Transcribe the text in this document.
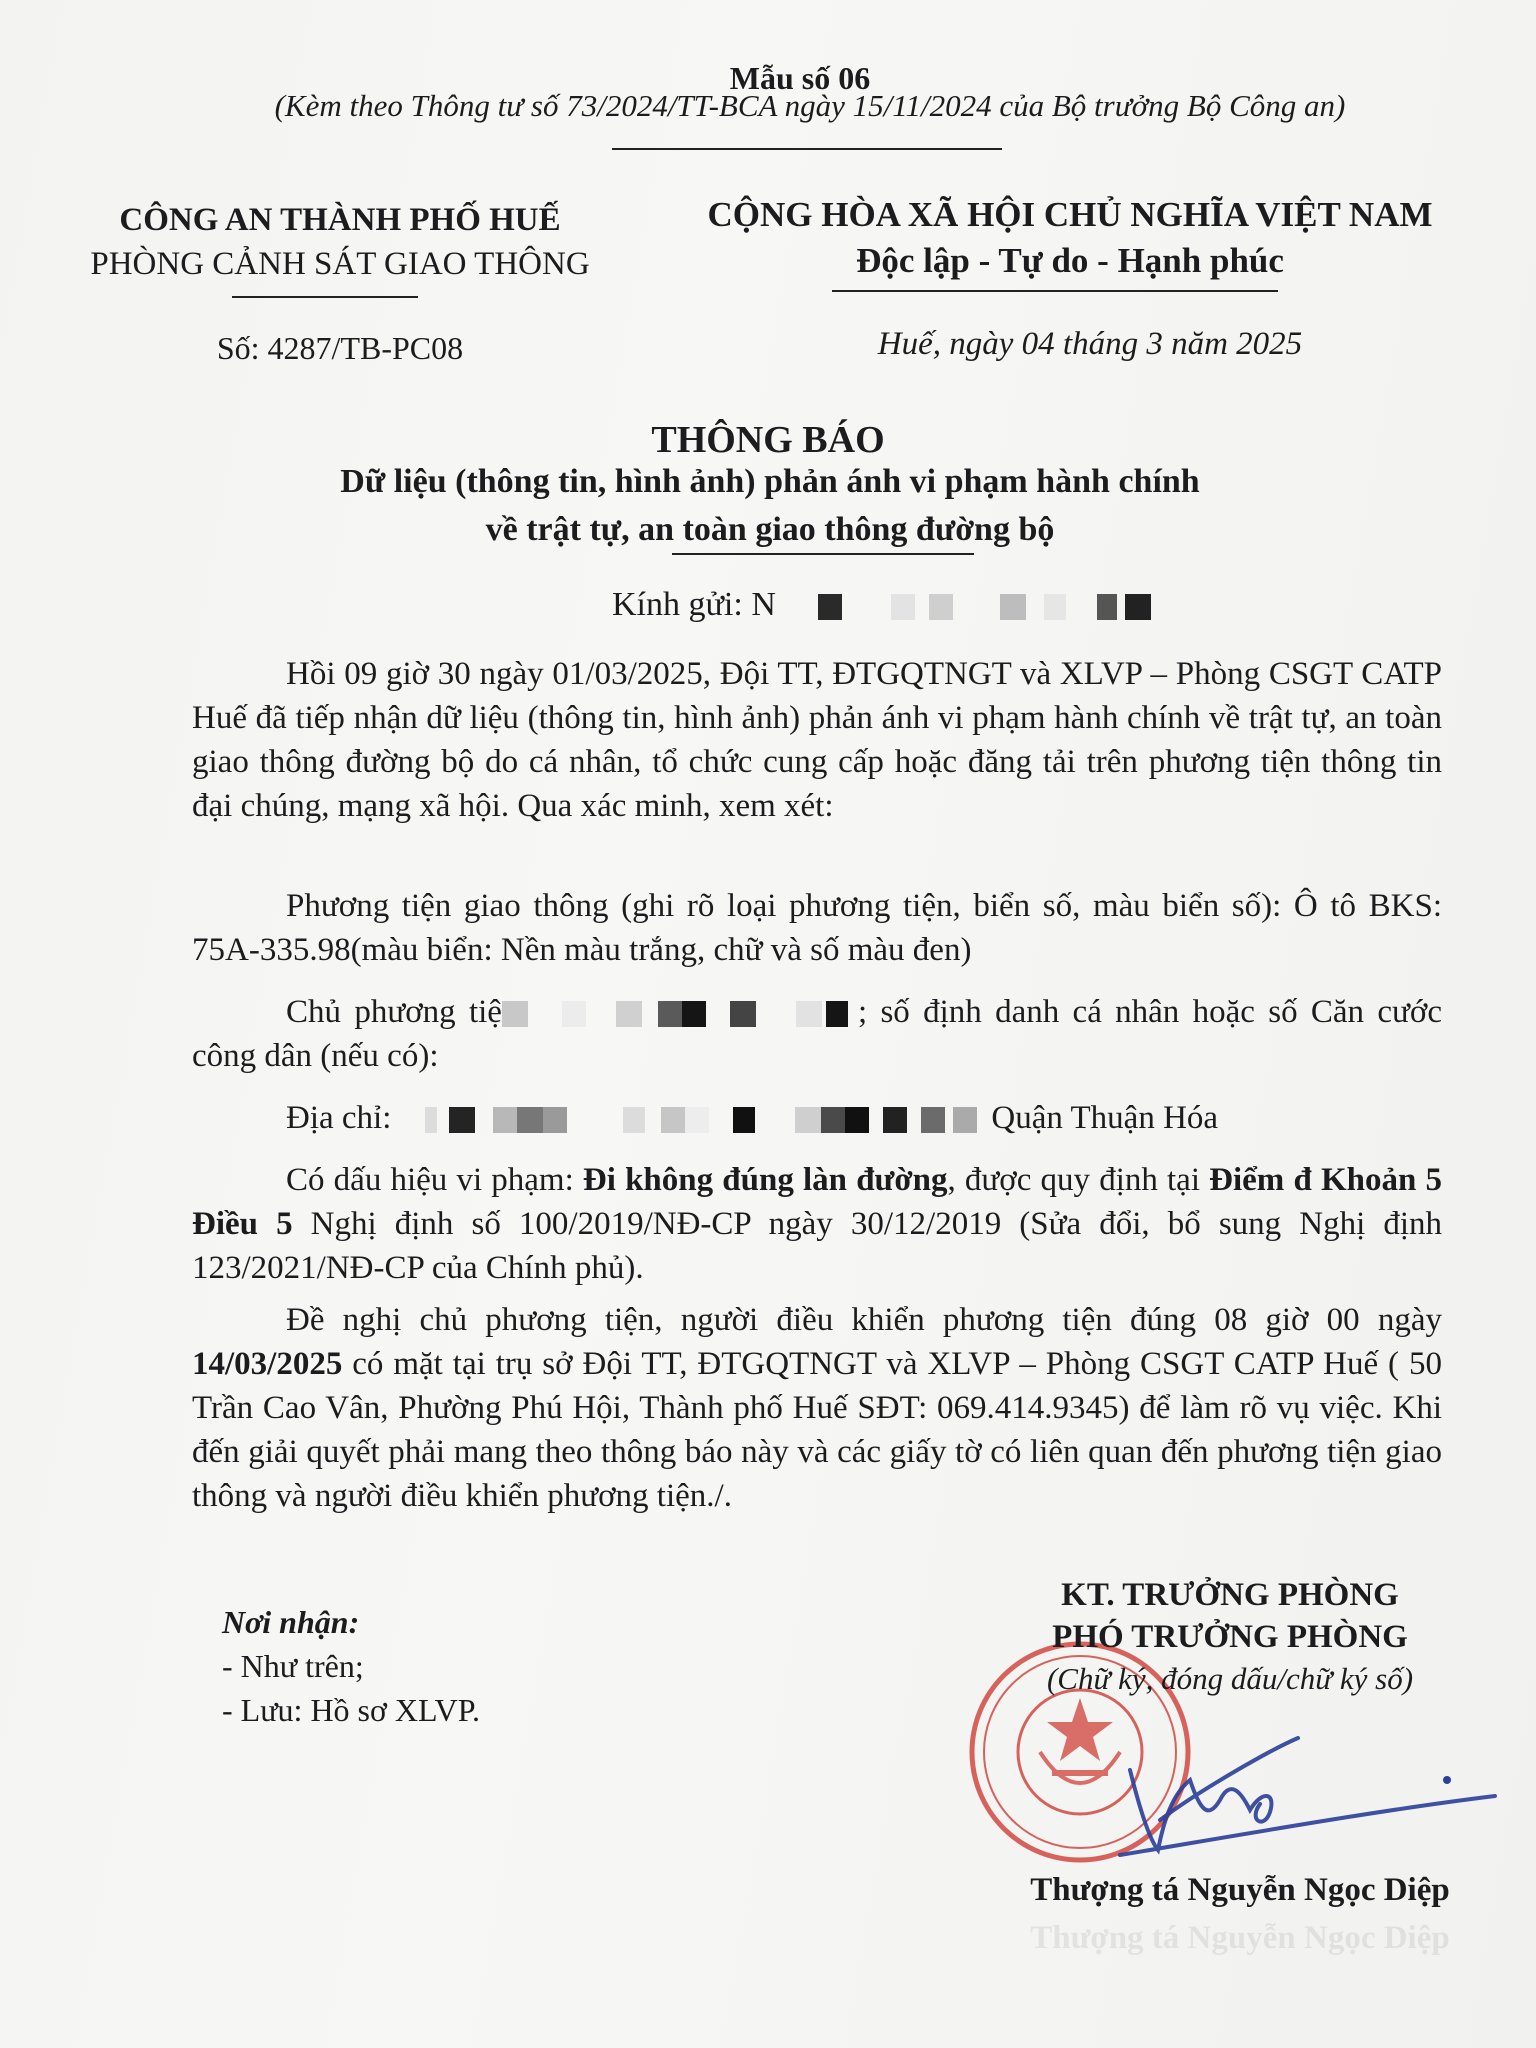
Mẫu số 06
(Kèm theo Thông tư số 73/2024/TT-BCA ngày 15/11/2024 của Bộ trưởng Bộ Công an)
CÔNG AN THÀNH PHỐ HUẾ
PHÒNG CẢNH SÁT GIAO THÔNG
CỘNG HÒA XÃ HỘI CHỦ NGHĨA VIỆT NAM
Độc lập - Tự do - Hạnh phúc
Số: 4287/TB-PC08	Huế, ngày 04 tháng 3 năm 2025
THÔNG BÁO
Dữ liệu (thông tin, hình ảnh) phản ánh vi phạm hành chính
về trật tự, an toàn giao thông đường bộ
Kính gửi: N

Hồi 09 giờ 30 ngày 01/03/2025, Đội TT, ĐTGQTNGT và XLVP – Phòng CSGT CATP Huế đã tiếp nhận dữ liệu (thông tin, hình ảnh) phản ánh vi phạm hành chính về trật tự, an toàn giao thông đường bộ do cá nhân, tổ chức cung cấp hoặc đăng tải trên phương tiện thông tin đại chúng, mạng xã hội. Qua xác minh, xem xét:

Phương tiện giao thông (ghi rõ loại phương tiện, biển số, màu biển số): Ô tô BKS: 75A-335.98(màu biển: Nền màu trắng, chữ và số màu đen)

Chủ phương tiệ	; số định danh cá nhân hoặc số Căn cước công dân (nếu có):

Địa chỉ:	Quận Thuận Hóa

Có dấu hiệu vi phạm: Đi không đúng làn đường, được quy định tại Điểm đ Khoản 5 Điều 5 Nghị định số 100/2019/NĐ-CP ngày 30/12/2019 (Sửa đổi, bổ sung Nghị định 123/2021/NĐ-CP của Chính phủ).

Đề nghị chủ phương tiện, người điều khiển phương tiện đúng 08 giờ 00 ngày 14/03/2025 có mặt tại trụ sở Đội TT, ĐTGQTNGT và XLVP – Phòng CSGT CATP Huế ( 50 Trần Cao Vân, Phường Phú Hội, Thành phố Huế SĐT: 069.414.9345) để làm rõ vụ việc. Khi đến giải quyết phải mang theo thông báo này và các giấy tờ có liên quan đến phương tiện giao thông và người điều khiển phương tiện./.

Nơi nhận:
- Như trên;
- Lưu: Hồ sơ XLVP.
KT. TRƯỞNG PHÒNG
PHÓ TRƯỞNG PHÒNG
(Chữ ký, đóng dấu/chữ ký số)
Thượng tá Nguyễn Ngọc Diệp
Thượng tá Nguyễn Ngọc Diệp
